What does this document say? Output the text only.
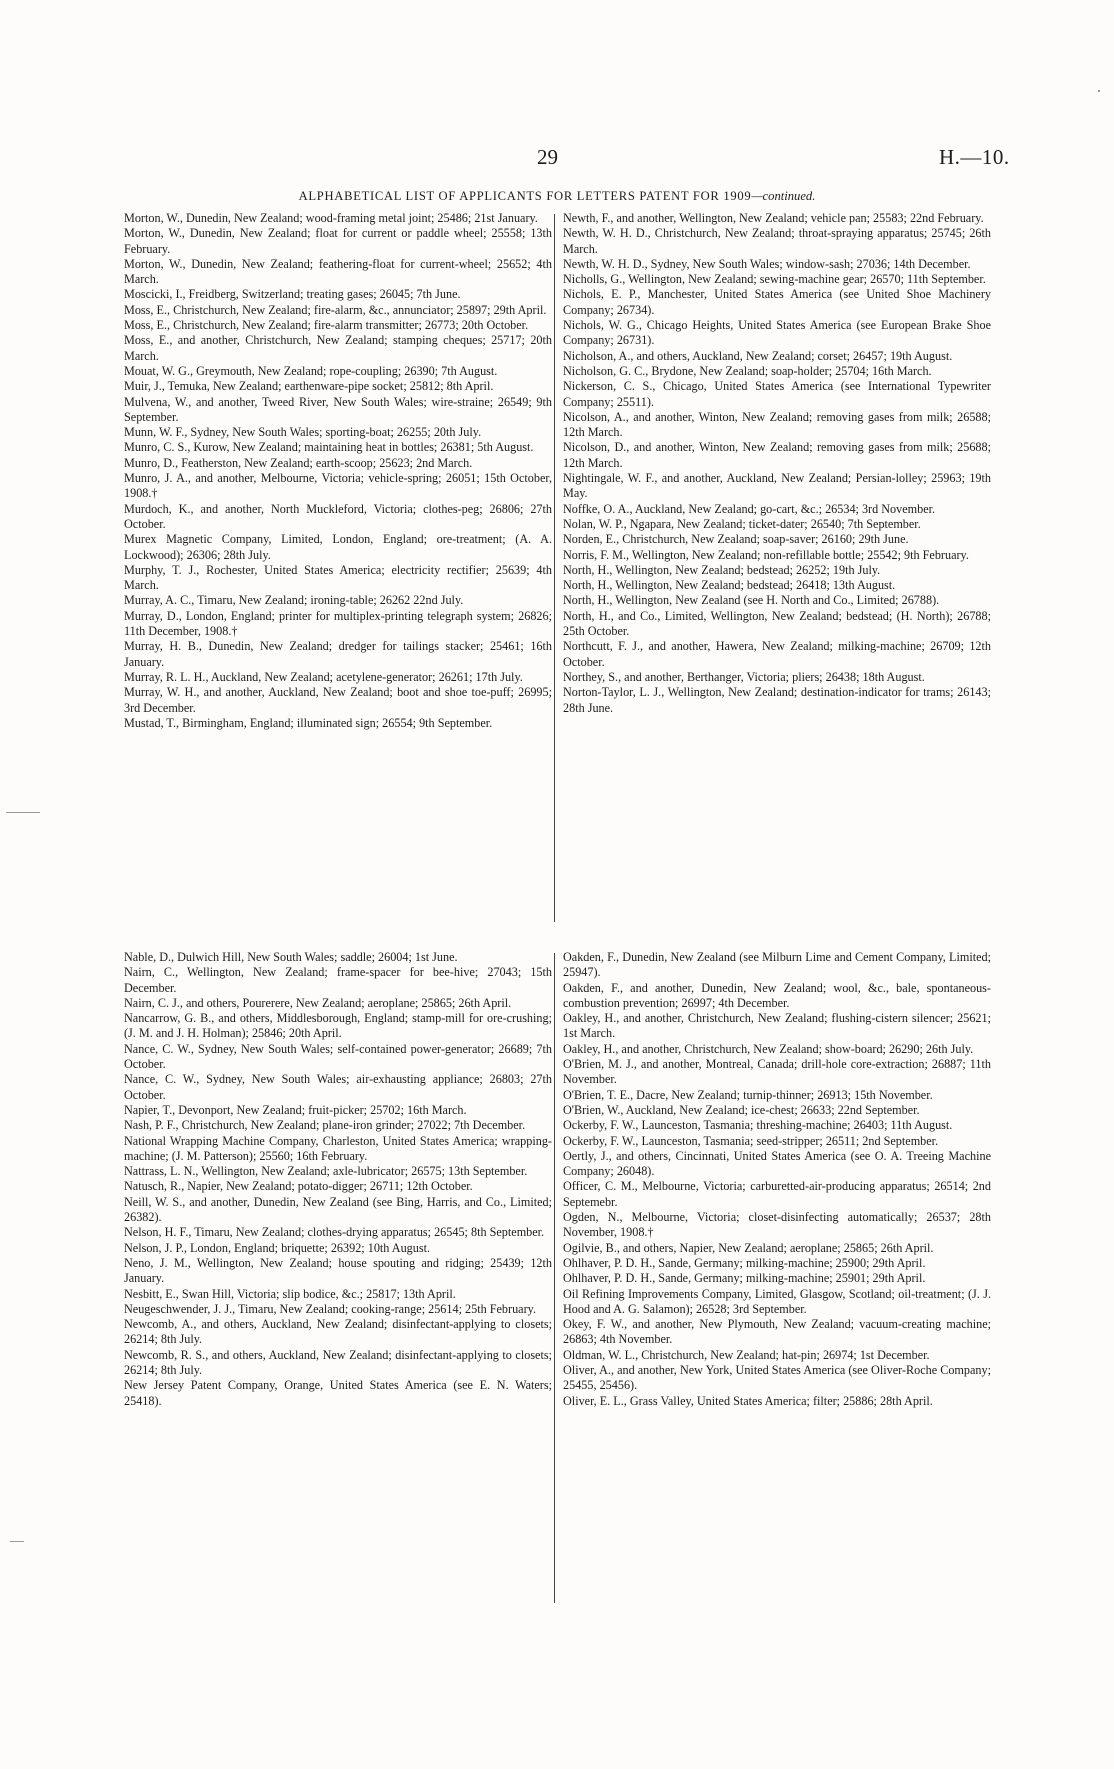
29	H.—10.
ALPHABETICAL LIST OF APPLICANTS FOR LETTERS PATENT FOR 1909—continued.
Morton, W., Dunedin, New Zealand; wood-framing metal joint; 25486; 21st January.
Morton, W., Dunedin, New Zealand; float for current or paddle wheel; 25558; 13th February.
Morton, W., Dunedin, New Zealand; feathering-float for current-wheel; 25652; 4th March.
Moscicki, I., Freidberg, Switzerland; treating gases; 26045; 7th June.
Moss, E., Christchurch, New Zealand; fire-alarm, &c., annunciator; 25897; 29th April.
Moss, E., Christchurch, New Zealand; fire-alarm transmitter; 26773; 20th October.
Moss, E., and another, Christchurch, New Zealand; stamping cheques; 25717; 20th March.
Mouat, W. G., Greymouth, New Zealand; rope-coupling; 26390; 7th August.
Muir, J., Temuka, New Zealand; earthenware-pipe socket; 25812; 8th April.
Mulvena, W., and another, Tweed River, New South Wales; wire-straine; 26549; 9th September.
Munn, W. F., Sydney, New South Wales; sporting-boat; 26255; 20th July.
Munro, C. S., Kurow, New Zealand; maintaining heat in bottles; 26381; 5th August.
Munro, D., Featherston, New Zealand; earth-scoop; 25623; 2nd March.
Munro, J. A., and another, Melbourne, Victoria; vehicle-spring; 26051; 15th October, 1908.†
Murdoch, K., and another, North Muckleford, Victoria; clothes-peg; 26806; 27th October.
Murex Magnetic Company, Limited, London, England; ore-treatment; (A. A. Lockwood); 26306; 28th July.
Murphy, T. J., Rochester, United States America; electricity rectifier; 25639; 4th March.
Murray, A. C., Timaru, New Zealand; ironing-table; 26262 22nd July.
Murray, D., London, England; printer for multiplex-printing telegraph system; 26826; 11th December, 1908.†
Murray, H. B., Dunedin, New Zealand; dredger for tailings stacker; 25461; 16th January.
Murray, R. L. H., Auckland, New Zealand; acetylene-generator; 26261; 17th July.
Murray, W. H., and another, Auckland, New Zealand; boot and shoe toe-puff; 26995; 3rd December.
Mustad, T., Birmingham, England; illuminated sign; 26554; 9th September.
Newth, F., and another, Wellington, New Zealand; vehicle pan; 25583; 22nd February.
Newth, W. H. D., Christchurch, New Zealand; throat-spraying apparatus; 25745; 26th March.
Newth, W. H. D., Sydney, New South Wales; window-sash; 27036; 14th December.
Nicholls, G., Wellington, New Zealand; sewing-machine gear; 26570; 11th September.
Nichols, E. P., Manchester, United States America (see United Shoe Machinery Company; 26734).
Nichols, W. G., Chicago Heights, United States America (see European Brake Shoe Company; 26731).
Nicholson, A., and others, Auckland, New Zealand; corset; 26457; 19th August.
Nicholson, G. C., Brydone, New Zealand; soap-holder; 25704; 16th March.
Nickerson, C. S., Chicago, United States America (see International Typewriter Company; 25511).
Nicolson, A., and another, Winton, New Zealand; removing gases from milk; 26588; 12th March.
Nicolson, D., and another, Winton, New Zealand; removing gases from milk; 25688; 12th March.
Nightingale, W. F., and another, Auckland, New Zealand; Persian-lolley; 25963; 19th May.
Noffke, O. A., Auckland, New Zealand; go-cart, &c.; 26534; 3rd November.
Nolan, W. P., Ngapara, New Zealand; ticket-dater; 26540; 7th September.
Norden, E., Christchurch, New Zealand; soap-saver; 26160; 29th June.
Norris, F. M., Wellington, New Zealand; non-refillable bottle; 25542; 9th February.
North, H., Wellington, New Zealand; bedstead; 26252; 19th July.
North, H., Wellington, New Zealand; bedstead; 26418; 13th August.
North, H., Wellington, New Zealand (see H. North and Co., Limited; 26788).
North, H., and Co., Limited, Wellington, New Zealand; bedstead; (H. North); 26788; 25th October.
Northcutt, F. J., and another, Hawera, New Zealand; milking-machine; 26709; 12th October.
Northey, S., and another, Berthanger, Victoria; pliers; 26438; 18th August.
Norton-Taylor, L. J., Wellington, New Zealand; destination-indicator for trams; 26143; 28th June.
Nable, D., Dulwich Hill, New South Wales; saddle; 26004; 1st June.
Nairn, C., Wellington, New Zealand; frame-spacer for bee-hive; 27043; 15th December.
Nairn, C. J., and others, Pourerere, New Zealand; aeroplane; 25865; 26th April.
Nancarrow, G. B., and others, Middlesborough, England; stamp-mill for ore-crushing; (J. M. and J. H. Holman); 25846; 20th April.
Nance, C. W., Sydney, New South Wales; self-contained power-generator; 26689; 7th October.
Nance, C. W., Sydney, New South Wales; air-exhausting appliance; 26803; 27th October.
Napier, T., Devonport, New Zealand; fruit-picker; 25702; 16th March.
Nash, P. F., Christchurch, New Zealand; plane-iron grinder; 27022; 7th December.
National Wrapping Machine Company, Charleston, United States America; wrapping-machine; (J. M. Patterson); 25560; 16th February.
Nattrass, L. N., Wellington, New Zealand; axle-lubricator; 26575; 13th September.
Natusch, R., Napier, New Zealand; potato-digger; 26711; 12th October.
Neill, W. S., and another, Dunedin, New Zealand (see Bing, Harris, and Co., Limited; 26382).
Nelson, H. F., Timaru, New Zealand; clothes-drying apparatus; 26545; 8th September.
Nelson, J. P., London, England; briquette; 26392; 10th August.
Neno, J. M., Wellington, New Zealand; house spouting and ridging; 25439; 12th January.
Nesbitt, E., Swan Hill, Victoria; slip bodice, &c.; 25817; 13th April.
Neugeschwender, J. J., Timaru, New Zealand; cooking-range; 25614; 25th February.
Newcomb, A., and others, Auckland, New Zealand; disinfectant-applying to closets; 26214; 8th July.
Newcomb, R. S., and others, Auckland, New Zealand; disinfectant-applying to closets; 26214; 8th July.
New Jersey Patent Company, Orange, United States America (see E. N. Waters; 25418).
Oakden, F., Dunedin, New Zealand (see Milburn Lime and Cement Company, Limited; 25947).
Oakden, F., and another, Dunedin, New Zealand; wool, &c., bale, spontaneous-combustion prevention; 26997; 4th December.
Oakley, H., and another, Christchurch, New Zealand; flushing-cistern silencer; 25621; 1st March.
Oakley, H., and another, Christchurch, New Zealand; show-board; 26290; 26th July.
O'Brien, M. J., and another, Montreal, Canada; drill-hole core-extraction; 26887; 11th November.
O'Brien, T. E., Dacre, New Zealand; turnip-thinner; 26913; 15th November.
O'Brien, W., Auckland, New Zealand; ice-chest; 26633; 22nd September.
Ockerby, F. W., Launceston, Tasmania; threshing-machine; 26403; 11th August.
Ockerby, F. W., Launceston, Tasmania; seed-stripper; 26511; 2nd September.
Oertly, J., and others, Cincinnati, United States America (see O. A. Treeing Machine Company; 26048).
Officer, C. M., Melbourne, Victoria; carburetted-air-producing apparatus; 26514; 2nd Septemebr.
Ogden, N., Melbourne, Victoria; closet-disinfecting automatically; 26537; 28th November, 1908.†
Ogilvie, B., and others, Napier, New Zealand; aeroplane; 25865; 26th April.
Ohlhaver, P. D. H., Sande, Germany; milking-machine; 25900; 29th April.
Ohlhaver, P. D. H., Sande, Germany; milking-machine; 25901; 29th April.
Oil Refining Improvements Company, Limited, Glasgow, Scotland; oil-treatment; (J. J. Hood and A. G. Salamon); 26528; 3rd September.
Okey, F. W., and another, New Plymouth, New Zealand; vacuum-creating machine; 26863; 4th November.
Oldman, W. L., Christchurch, New Zealand; hat-pin; 26974; 1st December.
Oliver, A., and another, New York, United States America (see Oliver-Roche Company; 25455, 25456).
Oliver, E. L., Grass Valley, United States America; filter; 25886; 28th April.
